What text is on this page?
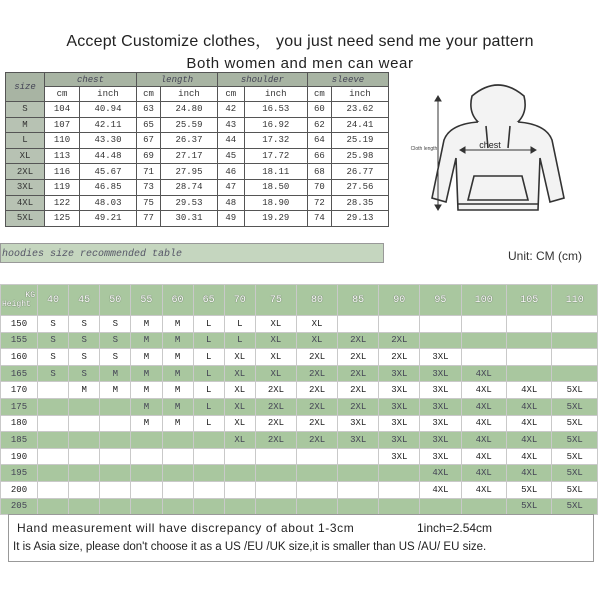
Accept Customize clothes， you just need send me your pattern
Both women and men can wear
size	chest		length		shoulder		sleeve	
	cm	inch	cm	inch	cm	inch	cm	inch
S	104	40.94	63	24.80	42	16.53	60	23.62
M	107	42.11	65	25.59	43	16.92	62	24.41
L	110	43.30	67	26.37	44	17.32	64	25.19
XL	113	44.48	69	27.17	45	17.72	66	25.98
2XL	116	45.67	71	27.95	46	18.11	68	26.77
3XL	119	46.85	73	28.74	47	18.50	70	27.56
4XL	122	48.03	75	29.53	48	18.90	72	28.35
5XL	125	49.21	77	30.31	49	19.29	74	29.13
chest
Cloth length
hoodies size recommended table	Unit: CM (cm)
KG
Height	40	45	50	55	60	65	70	75	80	85	90	95	100	105	110
150	S	S	S	M	M	L	L	XL	XL						
155	S	S	S	M	M	L	L	XL	XL	2XL	2XL				
160	S	S	S	M	M	L	XL	XL	2XL	2XL	2XL	3XL			
165	S	S	M	M	M	L	XL	XL	2XL	2XL	3XL	3XL	4XL		
170		M	M	M	M	L	XL	2XL	2XL	2XL	3XL	3XL	4XL	4XL	5XL
175				M	M	L	XL	2XL	2XL	2XL	3XL	3XL	4XL	4XL	5XL
180				M	M	L	XL	2XL	2XL	3XL	3XL	3XL	4XL	4XL	5XL
185							XL	2XL	2XL	3XL	3XL	3XL	4XL	4XL	5XL
190											3XL	3XL	4XL	4XL	5XL
195												4XL	4XL	4XL	5XL
200												4XL	4XL	5XL	5XL
205														5XL	5XL
Hand measurement will have discrepancy of about 1-3cm	1inch=2.54cm
It is Asia size, please don't choose it as a US /EU /UK size,it is smaller than US /AU/ EU size.
